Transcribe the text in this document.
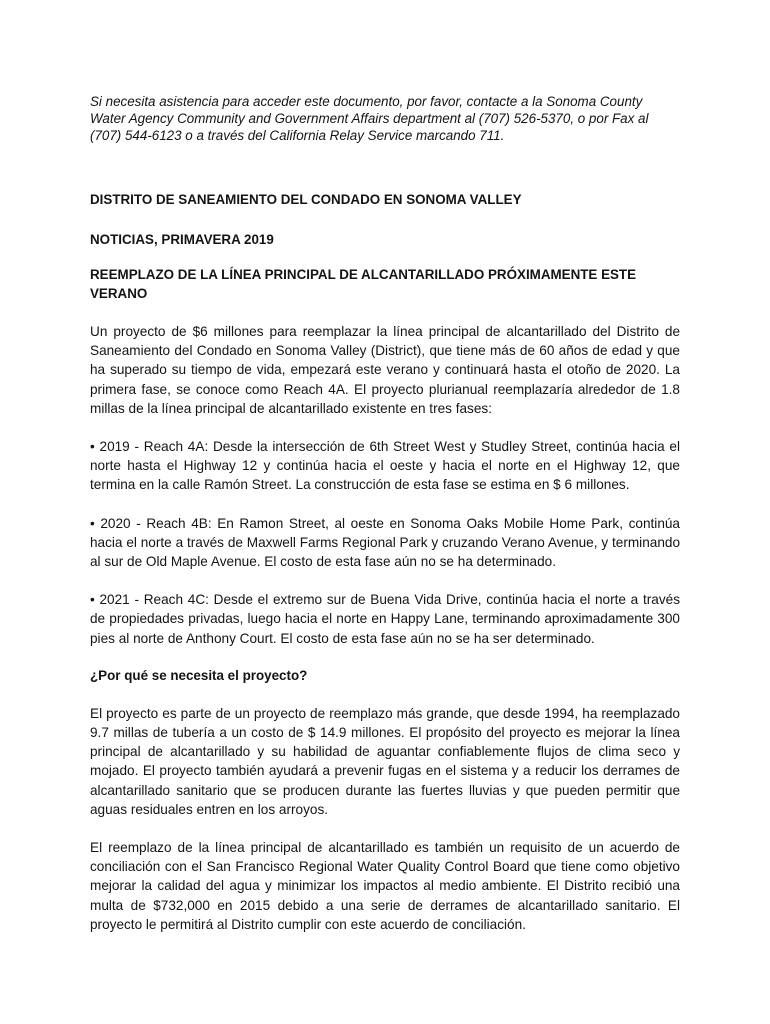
Si necesita asistencia para acceder este documento, por favor, contacte a la Sonoma County Water Agency Community and Government Affairs department al (707) 526-5370, o por Fax al (707) 544-6123 o a través del California Relay Service marcando 711.

DISTRITO DE SANEAMIENTO DEL CONDADO EN SONOMA VALLEY

NOTICIAS, PRIMAVERA 2019

REEMPLAZO DE LA LÍNEA PRINCIPAL DE ALCANTARILLADO PRÓXIMAMENTE ESTE VERANO

Un proyecto de $6 millones para reemplazar la línea principal de alcantarillado del Distrito de Saneamiento del Condado en Sonoma Valley (District), que tiene más de 60 años de edad y que ha superado su tiempo de vida, empezará este verano y continuará hasta el otoño de 2020. La primera fase, se conoce como Reach 4A. El proyecto plurianual reemplazaría alrededor de 1.8 millas de la línea principal de alcantarillado existente en tres fases:

• 2019 - Reach 4A: Desde la intersección de 6th Street West y Studley Street, continúa hacia el norte hasta el Highway 12 y continúa hacia el oeste y hacia el norte en el Highway 12, que termina en la calle Ramón Street. La construcción de esta fase se estima en $ 6 millones.

• 2020 - Reach 4B: En Ramon Street, al oeste en Sonoma Oaks Mobile Home Park, continúa hacia el norte a través de Maxwell Farms Regional Park y cruzando Verano Avenue, y terminando al sur de Old Maple Avenue. El costo de esta fase aún no se ha determinado.

• 2021 - Reach 4C: Desde el extremo sur de Buena Vida Drive, continúa hacia el norte a través de propiedades privadas, luego hacia el norte en Happy Lane, terminando aproximadamente 300 pies al norte de Anthony Court. El costo de esta fase aún no se ha ser determinado.

¿Por qué se necesita el proyecto?

El proyecto es parte de un proyecto de reemplazo más grande, que desde 1994, ha reemplazado 9.7 millas de tubería a un costo de $ 14.9 millones. El propósito del proyecto es mejorar la línea principal de alcantarillado y su habilidad de aguantar confiablemente flujos de clima seco y mojado. El proyecto también ayudará a prevenir fugas en el sistema y a reducir los derrames de alcantarillado sanitario que se producen durante las fuertes lluvias y que pueden permitir que aguas residuales entren en los arroyos.

El reemplazo de la línea principal de alcantarillado es también un requisito de un acuerdo de conciliación con el San Francisco Regional Water Quality Control Board que tiene como objetivo mejorar la calidad del agua y minimizar los impactos al medio ambiente. El Distrito recibió una multa de $732,000 en 2015 debido a una serie de derrames de alcantarillado sanitario. El proyecto le permitirá al Distrito cumplir con este acuerdo de conciliación.
